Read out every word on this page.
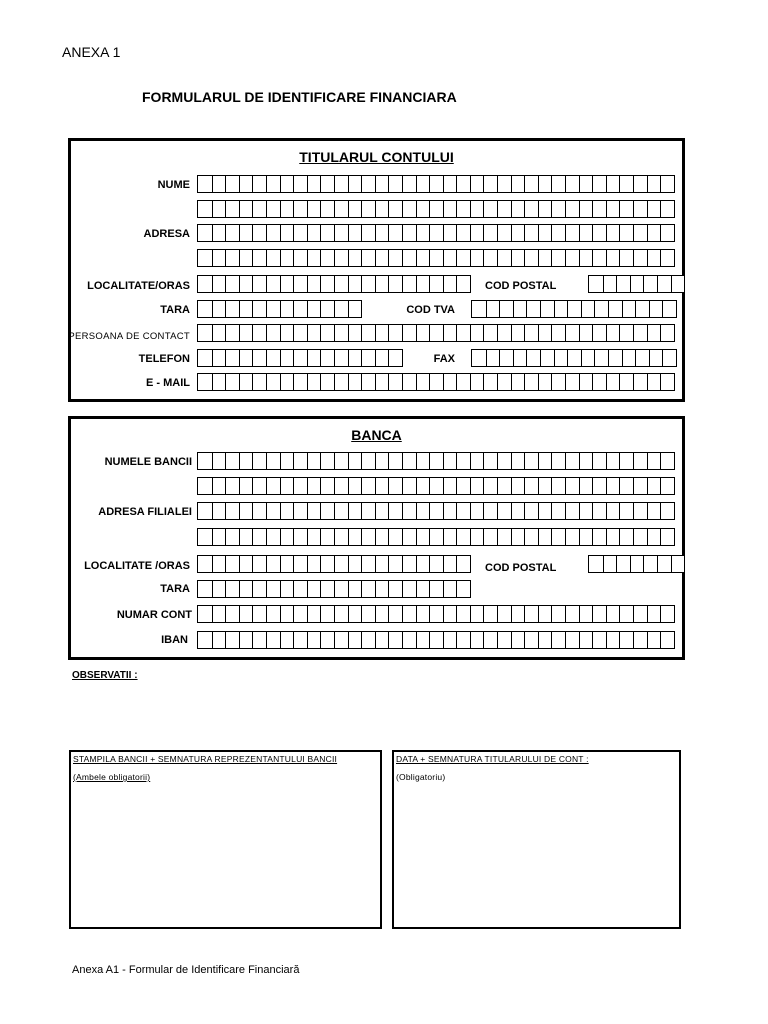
ANEXA 1
FORMULARUL DE IDENTIFICARE FINANCIARA
TITULARUL CONTULUI
NUME
ADRESA
LOCALITATE/ORAS	COD POSTAL
TARA	COD TVA
PERSOANA DE CONTACT
TELEFON	FAX
E - MAIL
BANCA
NUMELE BANCII
ADRESA FILIALEI
LOCALITATE /ORAS	COD POSTAL
TARA
NUMAR CONT
IBAN
OBSERVATII :
STAMPILA BANCII + SEMNATURA REPREZENTANTULUI BANCII
(Ambele obligatorii)
DATA + SEMNATURA TITULARULUI DE CONT :
(Obligatoriu)
Anexa A1 - Formular de Identificare Financiară
